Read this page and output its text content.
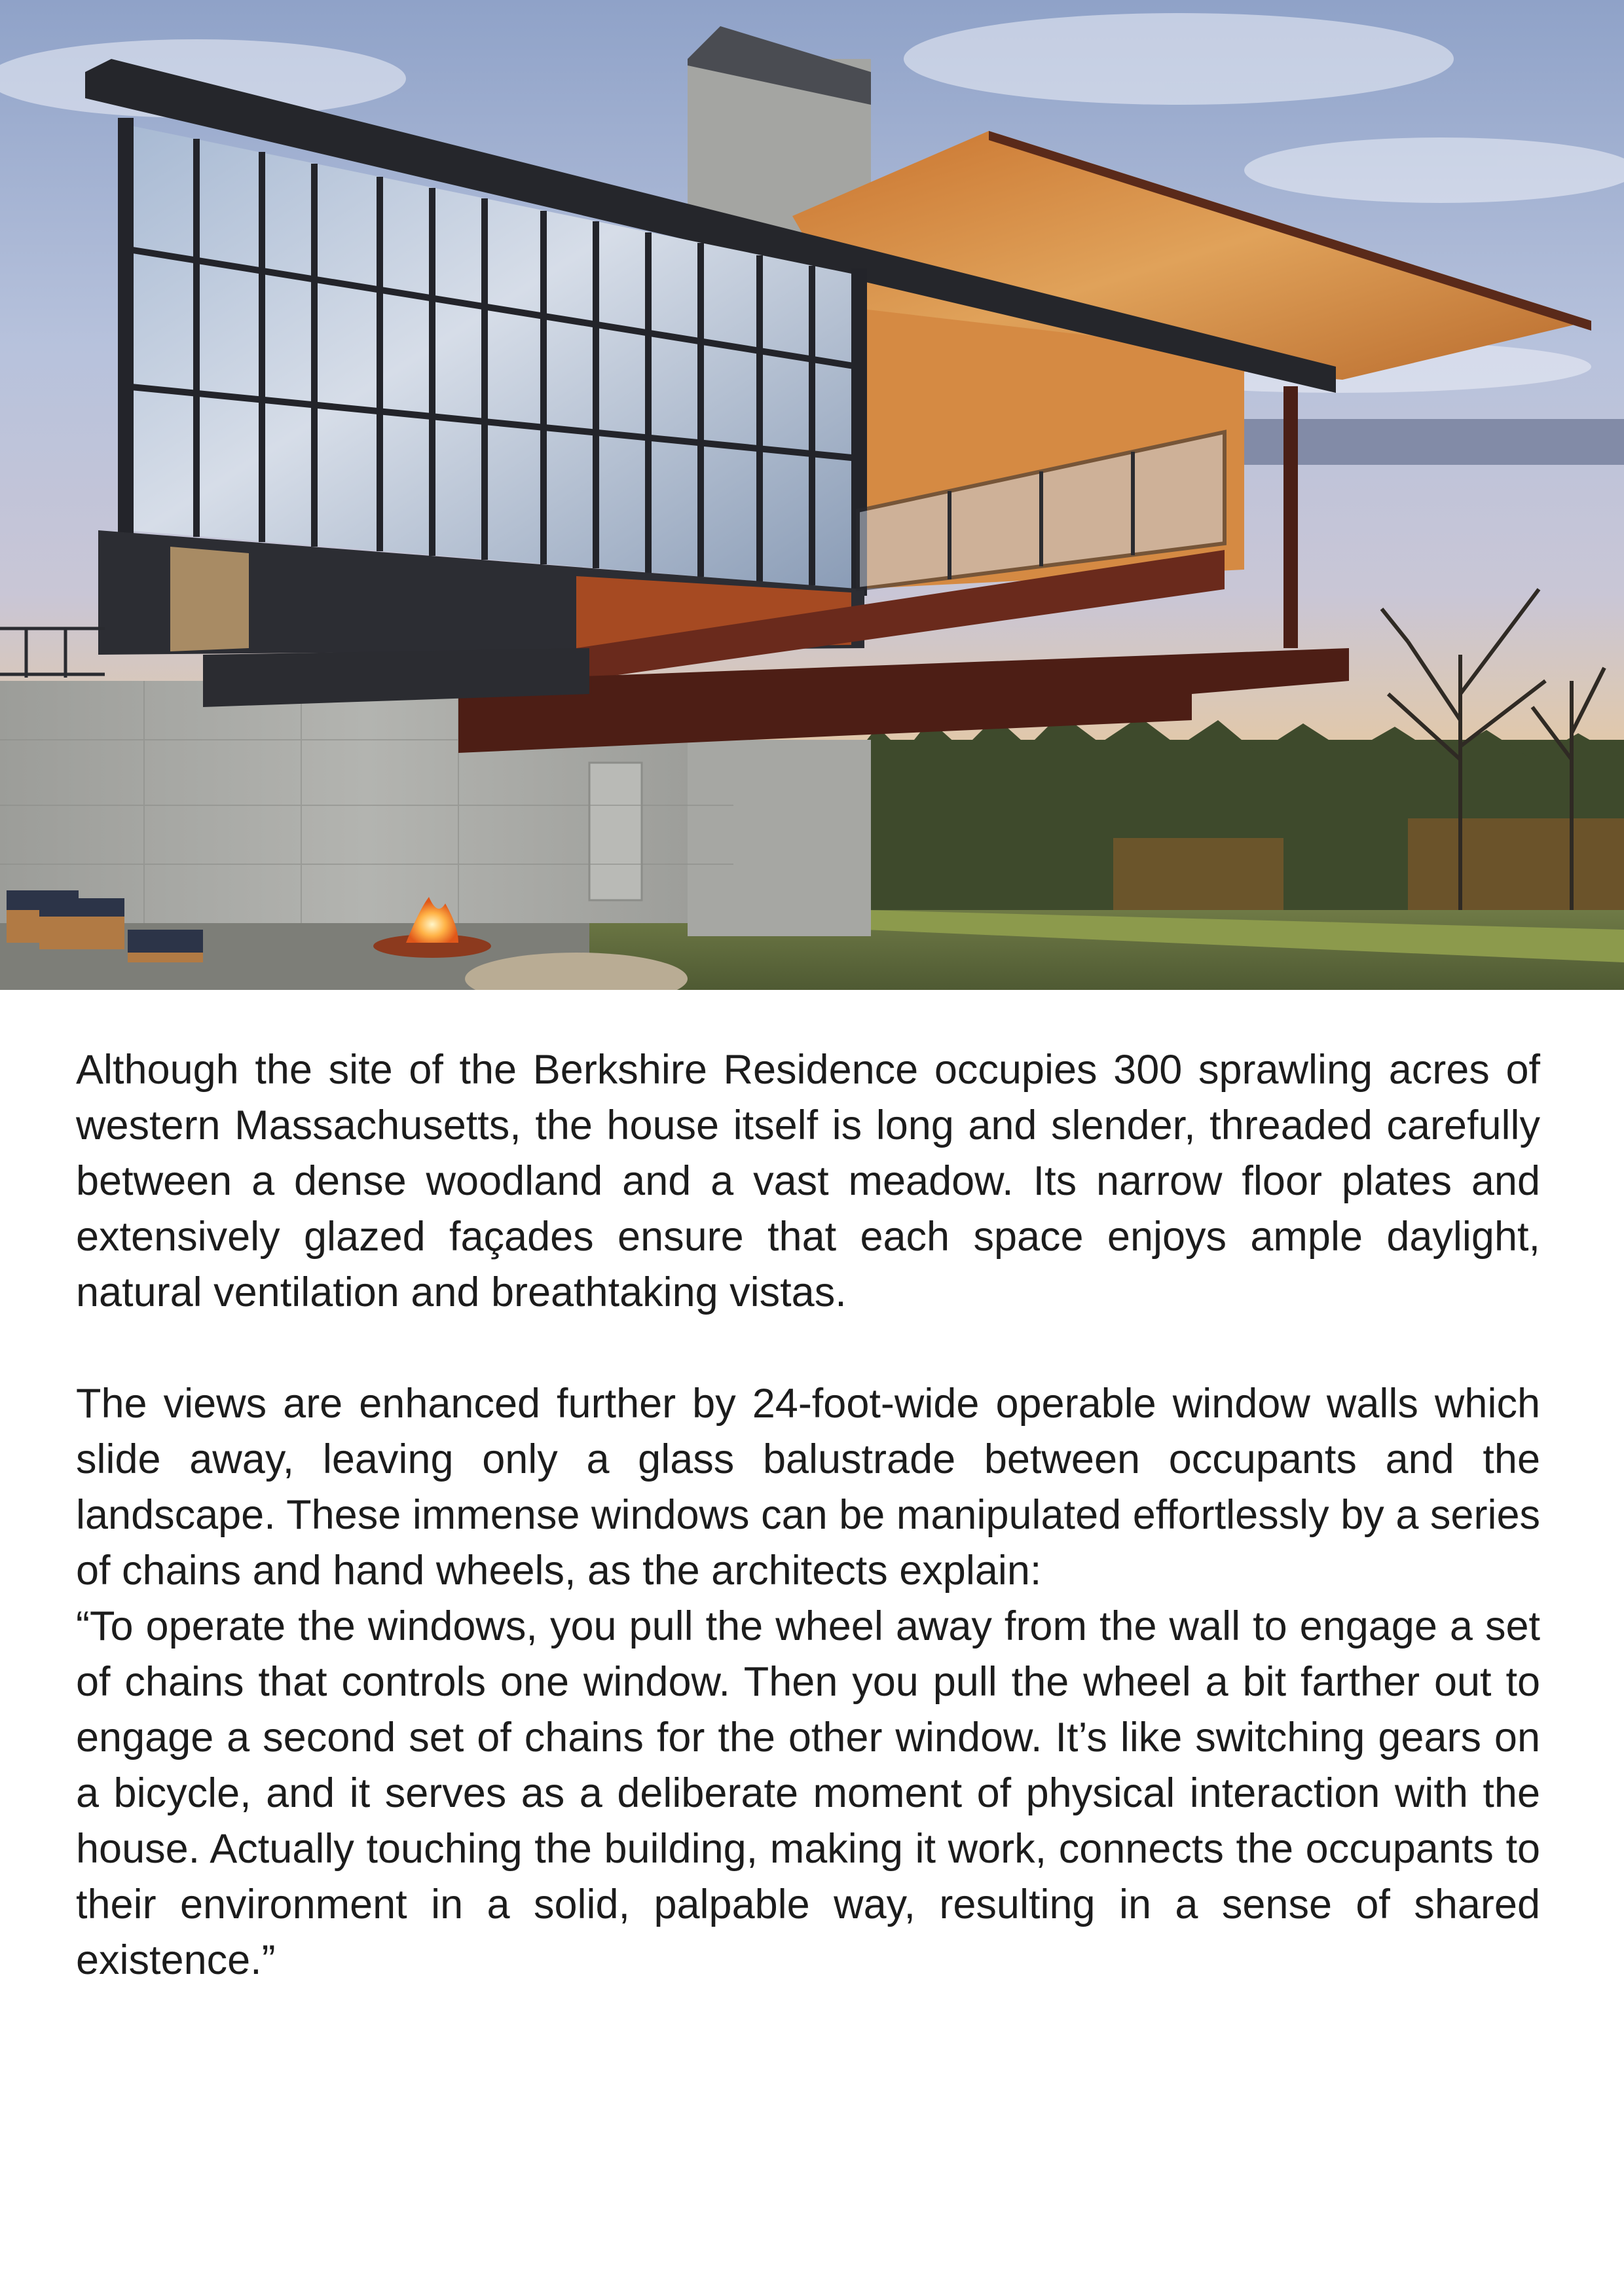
Although the site of the Berkshire Residence occupies 300 sprawling acres of western Massachusetts, the house itself is long and slender, threaded carefully between a dense woodland and a vast meadow. Its narrow floor plates and extensively glazed façades ensure that each space enjoys ample daylight, natural ventilation and breathtaking vistas.

The views are enhanced further by 24-foot-wide operable window walls which slide away, leaving only a glass balustrade between occupants and the landscape. These immense windows can be manipulated effortlessly by a series of chains and hand wheels, as the architects explain:

“To operate the windows, you pull the wheel away from the wall to engage a set of chains that controls one window. Then you pull the wheel a bit farther out to engage a second set of chains for the other window. It’s like switching gears on a bicycle, and it serves as a deliberate moment of physical interaction with the house. Actually touching the building, making it work, connects the occupants to their environment in a solid, palpable way, resulting in a sense of shared existence.”
